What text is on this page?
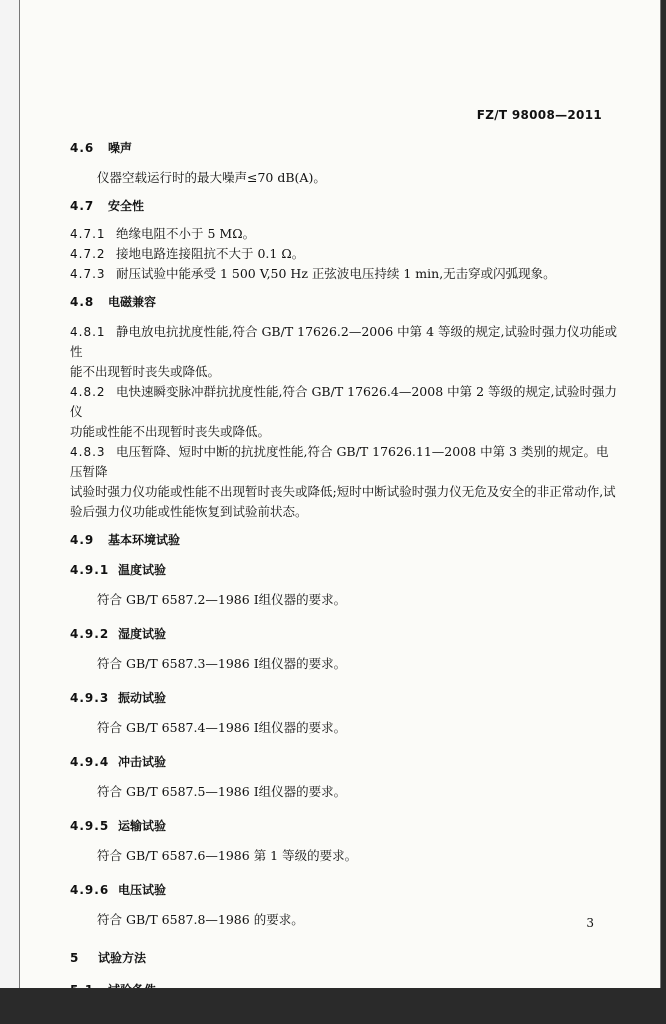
FZ/T 98008—2011

4.6 噪声

仪器空载运行时的最大噪声≤70 dB(A)。

4.7 安全性

4.7.1 绝缘电阻不小于 5 MΩ。

4.7.2 接地电路连接阻抗不大于 0.1 Ω。

4.7.3 耐压试验中能承受 1 500 V,50 Hz 正弦波电压持续 1 min,无击穿或闪弧现象。

4.8 电磁兼容

4.8.1 静电放电抗扰度性能,符合 GB/T 17626.2—2006 中第 4 等级的规定,试验时强力仪功能或性
能不出现暂时丧失或降低。
4.8.2 电快速瞬变脉冲群抗扰度性能,符合 GB/T 17626.4—2008 中第 2 等级的规定,试验时强力仪
功能或性能不出现暂时丧失或降低。
4.8.3 电压暂降、短时中断的抗扰度性能,符合 GB/T 17626.11—2008 中第 3 类别的规定。电压暂降
试验时强力仪功能或性能不出现暂时丧失或降低;短时中断试验时强力仪无危及安全的非正常动作,试
验后强力仪功能或性能恢复到试验前状态。

4.9 基本环境试验

4.9.1 温度试验

符合 GB/T 6587.2—1986 Ⅰ组仪器的要求。

4.9.2 湿度试验

符合 GB/T 6587.3—1986 Ⅰ组仪器的要求。

4.9.3 振动试验

符合 GB/T 6587.4—1986 Ⅰ组仪器的要求。

4.9.4 冲击试验

符合 GB/T 6587.5—1986 Ⅰ组仪器的要求。

4.9.5 运输试验

符合 GB/T 6587.6—1986 第 1 等级的要求。

4.9.6 电压试验

符合 GB/T 6587.8—1986 的要求。

5 试验方法

3
